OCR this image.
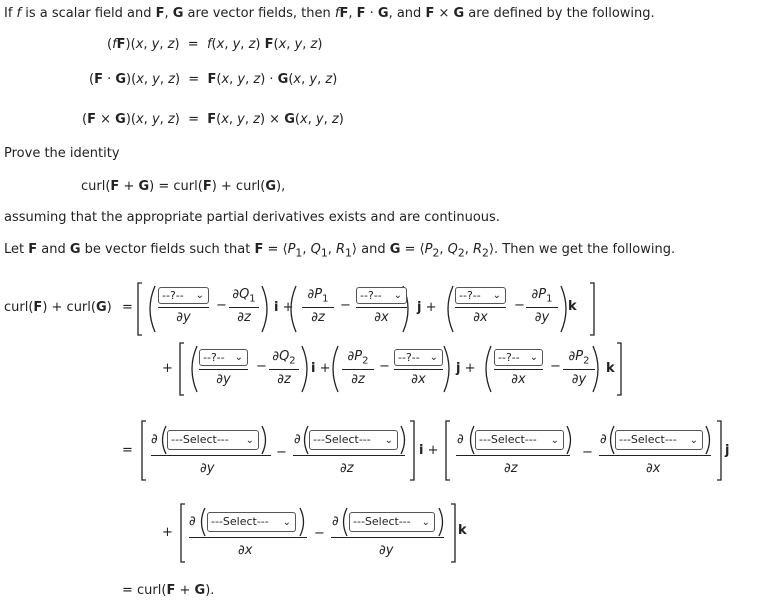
If f is a scalar field and F, G are vector fields, then fF, F · G, and F × G are defined by the following.
(fF)(x, y, z)  =  f(x, y, z) F(x, y, z)
(F · G)(x, y, z)  =  F(x, y, z) · G(x, y, z)
(F × G)(x, y, z)  =  F(x, y, z) × G(x, y, z)
Prove the identity
curl(F + G) = curl(F) + curl(G),
assuming that the appropriate partial derivatives exists and are continuous.
Let F and G be vector fields such that $F = ⟨P_1$, $Q_1$, $R_1⟩$ and $G = ⟨P_2$, $Q_2$, $R_2⟩$. Then we get the following.
curl(F) + curl(G) =
--?-- ⌄
∂y
−
$\partial Q_1$
∂z
i +
$\partial P_1$
∂z
−
--?-- ⌄
∂x
j +
--?-- ⌄
∂x
−
$\partial P_1$
∂y
k
+
--?-- ⌄
∂y
−
$\partial Q_2$
∂z
i +
$\partial P_2$
∂z
−
--?-- ⌄
∂x
j +
--?-- ⌄
∂x
−
$\partial P_2$
∂y
k
=
∂	---Select--- ⌄
∂y
−
∂	---Select--- ⌄
∂z
i +
∂	---Select--- ⌄
∂z
−
∂	---Select--- ⌄
∂x
j
+
∂	---Select--- ⌄
∂x
−
∂	---Select--- ⌄
∂y
k
= curl(F + G).
